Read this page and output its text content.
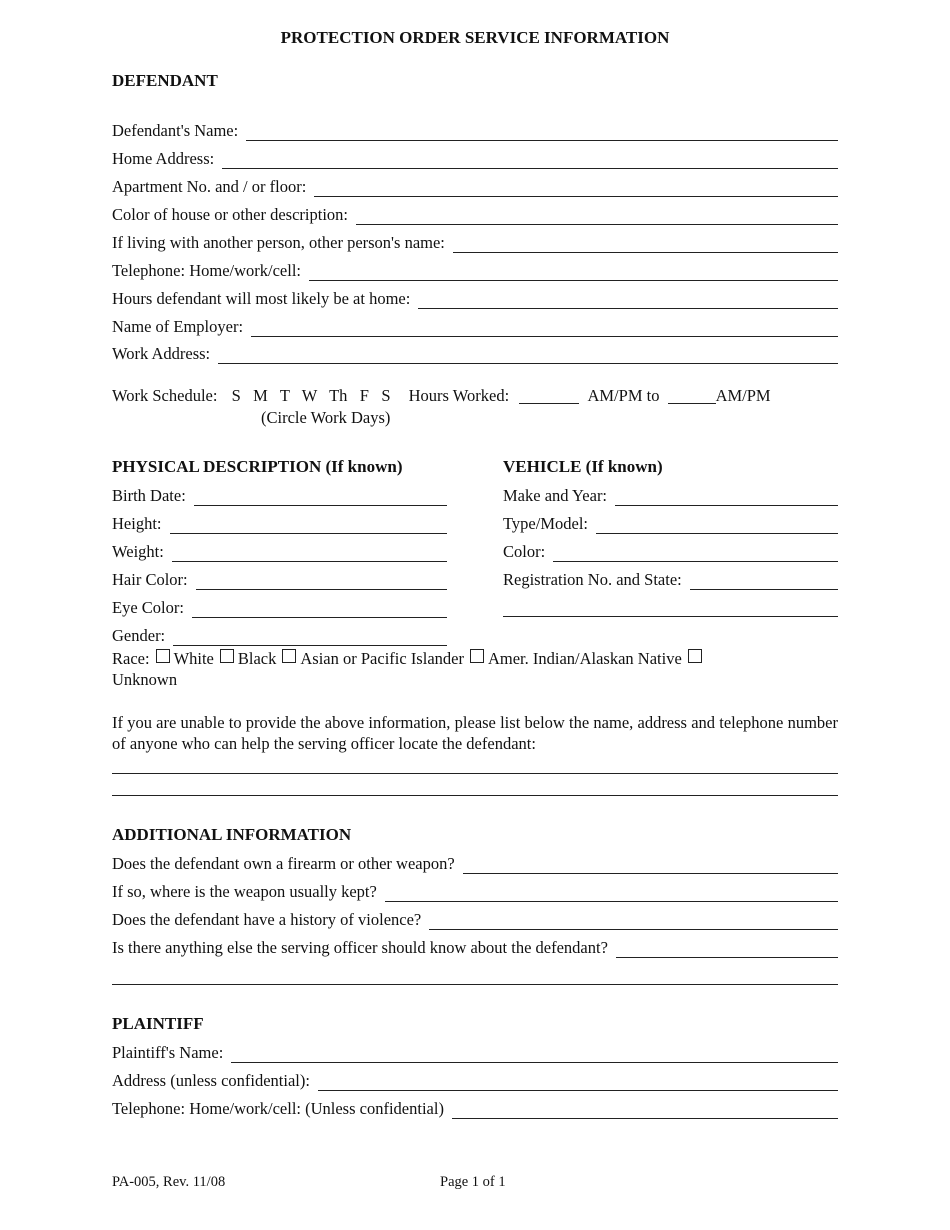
PROTECTION ORDER SERVICE INFORMATION
DEFENDANT
Defendant's Name:
Home Address:
Apartment No. and / or floor:
Color of house or other description:
If living with another person, other person's name:
Telephone: Home/work/cell:
Hours defendant will most likely be at home:
Name of Employer:
Work Address:
Work Schedule: S   M   T   W   Th   F   S Hours Worked:	AM/PM to	AM/PM
(Circle Work Days)
PHYSICAL DESCRIPTION (If known)	VEHICLE (If known)
Birth Date:
Height:
Weight:
Hair Color:
Eye Color:
Gender:
Make and Year:
Type/Model:
Color:
Registration No. and State:
Race: White Black Asian or Pacific Islander Amer. Indian/Alaskan Native
Unknown
If you are unable to provide the above information, please list below the name, address and telephone number of anyone who can help the serving officer locate the defendant:
ADDITIONAL INFORMATION
Does the defendant own a firearm or other weapon?
If so, where is the weapon usually kept?
Does the defendant have a history of violence?
Is there anything else the serving officer should know about the defendant?
PLAINTIFF
Plaintiff's Name:
Address (unless confidential):
Telephone: Home/work/cell: (Unless confidential)
PA-005, Rev. 11/08	Page 1 of 1
